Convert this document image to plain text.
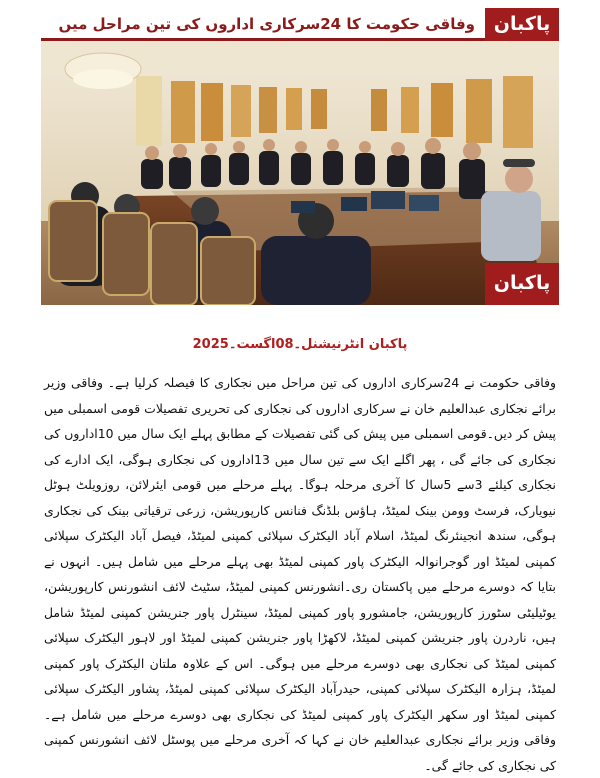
وفاقی حکومت کا 24سرکاری اداروں کی تین مراحل میں	پاکبان
پاکبان
پاکبان انٹرنیشنل۔08اگست۔2025
وفاقی حکومت نے 24سرکاری اداروں کی تین مراحل میں نجکاری کا فیصلہ کرلیا ہے۔ وفاقی وزیر برائے نجکاری عبدالعلیم خان نے سرکاری اداروں کی نجکاری کی تحریری تفصیلات قومی اسمبلی میں پیش کر دیں۔قومی اسمبلی میں پیش کی گئی تفصیلات کے مطابق پہلے ایک سال میں 10اداروں کی نجکاری کی جائے گی ، پھر اگلے ایک سے تین سال میں 13اداروں کی نجکاری ہوگی، ایک ادارے کی نجکاری کیلئے 3سے 5سال کا آخری مرحلہ ہوگا۔ پہلے مرحلے میں قومی ایئرلائن، روزویلٹ ہوٹل نیویارک، فرسٹ وومن بینک لمیٹڈ، ہاؤس بلڈنگ فنانس کارپوریشن، زرعی ترقیاتی بینک کی نجکاری ہوگی، سندھ انجینئرنگ لمیٹڈ، اسلام آباد الیکٹرک سپلائی کمپنی لمیٹڈ، فیصل آباد الیکٹرک سپلائی کمپنی لمیٹڈ اور گوجرانوالہ الیکٹرک پاور کمپنی لمیٹڈ بھی پہلے مرحلے میں شامل ہیں۔ انہوں نے بتایا کہ دوسرے مرحلے میں پاکستان ری۔انشورنس کمپنی لمیٹڈ، سٹیٹ لائف انشورنس کارپوریشن، یوٹیلیٹی سٹورز کارپوریشن، جامشورو پاور کمپنی لمیٹڈ، سینٹرل پاور جنریشن کمپنی لمیٹڈ شامل ہیں، ناردرن پاور جنریشن کمپنی لمیٹڈ، لاکھڑا پاور جنریشن کمپنی لمیٹڈ اور لاہور الیکٹرک سپلائی کمپنی لمیٹڈ کی نجکاری بھی دوسرے مرحلے میں ہوگی۔ اس کے علاوہ ملتان الیکٹرک پاور کمپنی لمیٹڈ، ہزارہ الیکٹرک سپلائی کمپنی، حیدرآباد الیکٹرک سپلائی کمپنی لمیٹڈ، پشاور الیکٹرک سپلائی کمپنی لمیٹڈ اور سکھر الیکٹرک پاور کمپنی لمیٹڈ کی نجکاری بھی دوسرے مرحلے میں شامل ہے۔ وفاقی وزیر برائے نجکاری عبدالعلیم خان نے کہا کہ آخری مرحلے میں پوسٹل لائف انشورنس کمپنی کی نجکاری کی جائے گی۔
